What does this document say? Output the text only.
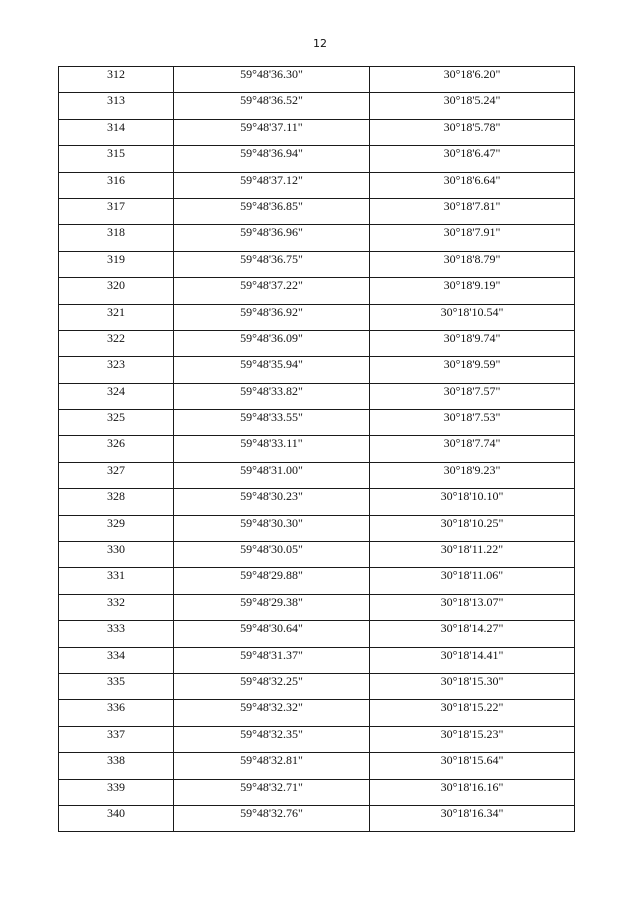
12
312	59°48'36.30"	30°18'6.20"
313	59°48'36.52"	30°18'5.24"
314	59°48'37.11"	30°18'5.78"
315	59°48'36.94"	30°18'6.47"
316	59°48'37.12"	30°18'6.64"
317	59°48'36.85"	30°18'7.81"
318	59°48'36.96"	30°18'7.91"
319	59°48'36.75"	30°18'8.79"
320	59°48'37.22"	30°18'9.19"
321	59°48'36.92"	30°18'10.54"
322	59°48'36.09"	30°18'9.74"
323	59°48'35.94"	30°18'9.59"
324	59°48'33.82"	30°18'7.57"
325	59°48'33.55"	30°18'7.53"
326	59°48'33.11"	30°18'7.74"
327	59°48'31.00"	30°18'9.23"
328	59°48'30.23"	30°18'10.10"
329	59°48'30.30"	30°18'10.25"
330	59°48'30.05"	30°18'11.22"
331	59°48'29.88"	30°18'11.06"
332	59°48'29.38"	30°18'13.07"
333	59°48'30.64"	30°18'14.27"
334	59°48'31.37"	30°18'14.41"
335	59°48'32.25"	30°18'15.30"
336	59°48'32.32"	30°18'15.22"
337	59°48'32.35"	30°18'15.23"
338	59°48'32.81"	30°18'15.64"
339	59°48'32.71"	30°18'16.16"
340	59°48'32.76"	30°18'16.34"
